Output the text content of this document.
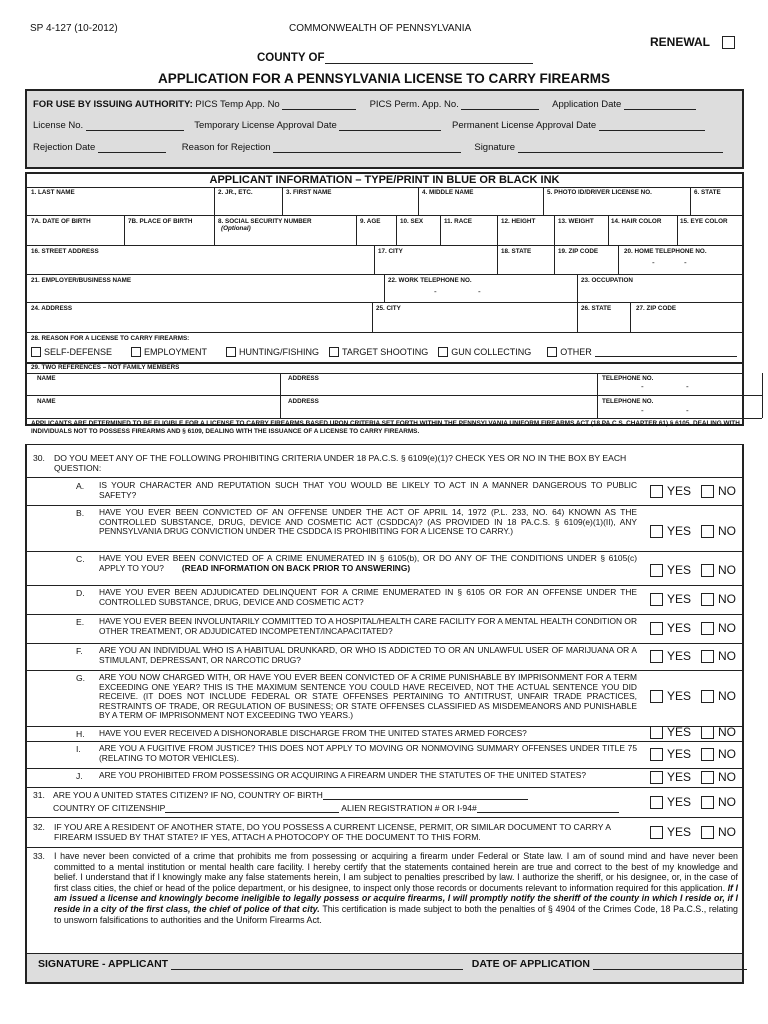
SP 4-127 (10-2012)	COMMONWEALTH OF PENNSYLVANIA
RENEWAL
COUNTY OF
APPLICATION FOR A PENNSYLVANIA LICENSE TO CARRY FIREARMS
FOR USE BY ISSUING AUTHORITY: PICS Temp App. No	PICS Perm. App. No.	Application Date
License No.	Temporary License Approval Date	Permanent License Approval Date
Rejection Date	Reason for Rejection	Signature
APPLICANT INFORMATION – TYPE/PRINT IN BLUE OR BLACK INK
1. LAST NAME	2. JR., ETC.	3. FIRST NAME	4. MIDDLE NAME	5. PHOTO ID/DRIVER LICENSE NO.	6. STATE
7A. DATE OF BIRTH	7B. PLACE OF BIRTH	8. SOCIAL SECURITY NUMBER
(Optional)
9. AGE	10. SEX	11. RACE	12. HEIGHT	13. WEIGHT	14. HAIR COLOR	15. EYE COLOR
16. STREET ADDRESS	17. CITY	18. STATE	19. ZIP CODE	20. HOME TELEPHONE NO.
-	-
21. EMPLOYER/BUSINESS NAME	22. WORK TELEPHONE NO.
-	-
23. OCCUPATION
24. ADDRESS	25. CITY	26. STATE	27. ZIP CODE
28. REASON FOR A LICENSE TO CARRY FIREARMS:
SELF-DEFENSE	EMPLOYMENT	HUNTING/FISHING	TARGET SHOOTING	GUN COLLECTING	OTHER
29. TWO REFERENCES – NOT FAMILY MEMBERS
NAME	ADDRESS	TELEPHONE NO.
-	-
NAME	ADDRESS	TELEPHONE NO.
-	-
APPLICANTS ARE DETERMINED TO BE ELIGIBLE FOR A LICENSE TO CARRY FIREARMS BASED UPON CRITERIA SET FORTH WITHIN THE PENNSYLVANIA UNIFORM FIREARMS ACT (18 PA.C.S. CHAPTER 61) § 6105, DEALING WITH INDIVIDUALS NOT TO POSSESS FIREARMS AND § 6109, DEALING WITH THE ISSUANCE OF A LICENSE TO CARRY FIREARMS.
30. DO YOU MEET ANY OF THE FOLLOWING PROHIBITING CRITERIA UNDER 18 PA.C.S. § 6109(e)(1)? CHECK YES OR NO IN THE BOX BY EACH QUESTION:
A. IS YOUR CHARACTER AND REPUTATION SUCH THAT YOU WOULD BE LIKELY TO ACT IN A MANNER DANGEROUS TO PUBLIC SAFETY?	YES NO
B. HAVE YOU EVER BEEN CONVICTED OF AN OFFENSE UNDER THE ACT OF APRIL 14, 1972 (P.L. 233, NO. 64) KNOWN AS THE CONTROLLED SUBSTANCE, DRUG, DEVICE AND COSMETIC ACT (CSDDCA)? (AS PROVIDED IN 18 PA.C.S. § 6109(e)(1)(II), ANY PENNSYLVANIA DRUG CONVICTION UNDER THE CSDDCA IS PROHIBITING FOR A LICENSE TO CARRY.)	YES NO
C. HAVE YOU EVER BEEN CONVICTED OF A CRIME ENUMERATED IN § 6105(b), OR DO ANY OF THE CONDITIONS UNDER § 6105(c) APPLY TO YOU? (READ INFORMATION ON BACK PRIOR TO ANSWERING)	YES NO
D. HAVE YOU EVER BEEN ADJUDICATED DELINQUENT FOR A CRIME ENUMERATED IN § 6105 OR FOR AN OFFENSE UNDER THE CONTROLLED SUBSTANCE, DRUG, DEVICE AND COSMETIC ACT?	YES NO
E. HAVE YOU EVER BEEN INVOLUNTARILY COMMITTED TO A HOSPITAL/HEALTH CARE FACILITY FOR A MENTAL HEALTH CONDITION OR OTHER TREATMENT, OR ADJUDICATED INCOMPETENT/INCAPACITATED?	YES NO
F. ARE YOU AN INDIVIDUAL WHO IS A HABITUAL DRUNKARD, OR WHO IS ADDICTED TO OR AN UNLAWFUL USER OF MARIJUANA OR A STIMULANT, DEPRESSANT, OR NARCOTIC DRUG?	YES NO
G. ARE YOU NOW CHARGED WITH, OR HAVE YOU EVER BEEN CONVICTED OF A CRIME PUNISHABLE BY IMPRISONMENT FOR A TERM EXCEEDING ONE YEAR? THIS IS THE MAXIMUM SENTENCE YOU COULD HAVE RECEIVED, NOT THE ACTUAL SENTENCE YOU DID RECEIVE. (IT DOES NOT INCLUDE FEDERAL OR STATE OFFENSES PERTAINING TO ANTITRUST, UNFAIR TRADE PRACTICES, RESTRAINTS OF TRADE, OR REGULATION OF BUSINESS; OR STATE OFFENSES CLASSIFIED AS MISDEMEANORS AND PUNISHABLE BY A TERM OF IMPRISONMENT NOT EXCEEDING TWO YEARS.)
YES NO
H. HAVE YOU EVER RECEIVED A DISHONORABLE DISCHARGE FROM THE UNITED STATES ARMED FORCES?	YES NO
I. ARE YOU A FUGITIVE FROM JUSTICE? THIS DOES NOT APPLY TO MOVING OR NONMOVING SUMMARY OFFENSES UNDER TITLE 75 (RELATING TO MOTOR VEHICLES).	YES NO
J. ARE YOU PROHIBITED FROM POSSESSING OR ACQUIRING A FIREARM UNDER THE STATUTES OF THE UNITED STATES?	YES NO
31. ARE YOU A UNITED STATES CITIZEN? IF NO, COUNTRY OF BIRTH
COUNTRY OF CITIZENSHIP	ALIEN REGISTRATION # OR I-94#	YES NO
32. IF YOU ARE A RESIDENT OF ANOTHER STATE, DO YOU POSSESS A CURRENT LICENSE, PERMIT, OR SIMILAR DOCUMENT TO CARRY A FIREARM ISSUED BY THAT STATE? IF YES, ATTACH A PHOTOCOPY OF THE DOCUMENT TO THIS FORM.	YES NO
33. I have never been convicted of a crime that prohibits me from possessing or acquiring a firearm under Federal or State law. I am of sound mind and have never been committed to a mental institution or mental health care facility. I hereby certify that the statements contained herein are true and correct to the best of my knowledge and belief. I understand that if I knowingly make any false statements herein, I am subject to penalties prescribed by law. I authorize the sheriff, or his designee, or, in the case of first class cities, the chief or head of the police department, or his designee, to inspect only those records or documents relevant to information required for this application. If I am issued a license and knowingly become ineligible to legally possess or acquire firearms, I will promptly notify the sheriff of the county in which I reside or, if I reside in a city of the first class, the chief of police of that city. This certification is made subject to both the penalties of § 4904 of the Crimes Code, 18 Pa.C.S., relating to unsworn falsifications to authorities and the Uniform Firearms Act.
SIGNATURE - APPLICANT	DATE OF APPLICATION
